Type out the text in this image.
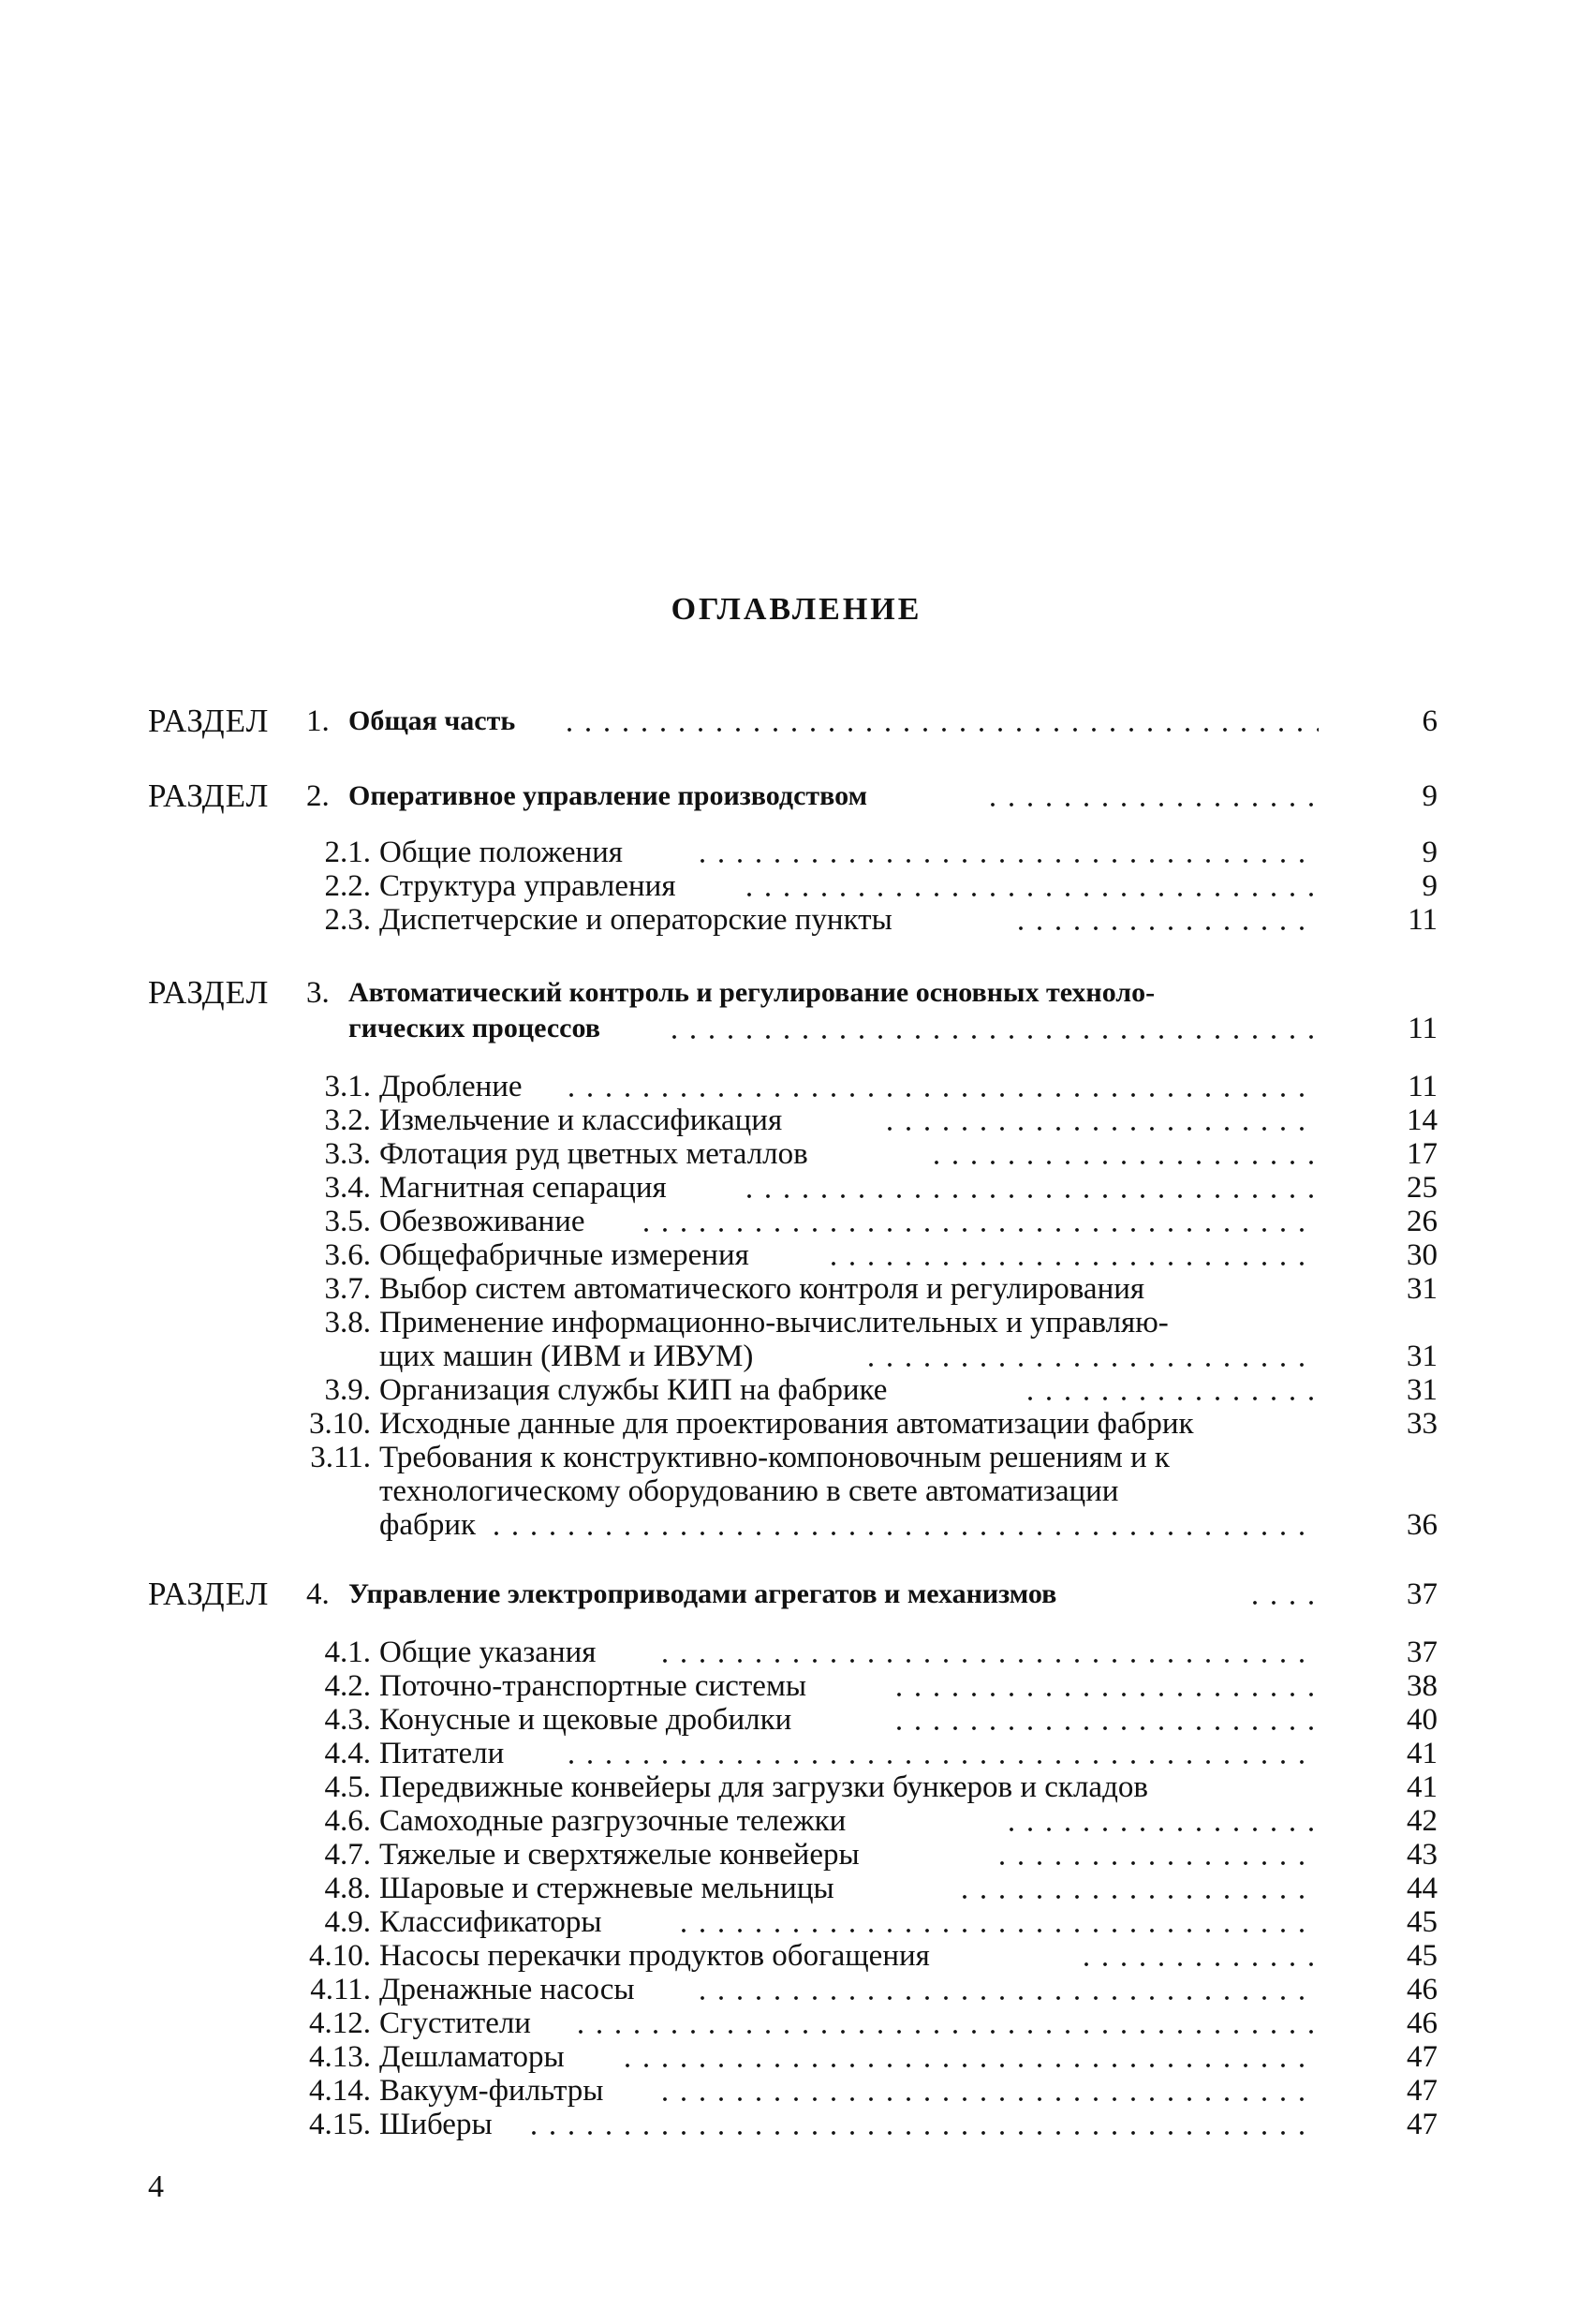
ОГЛАВЛЕНИЕ
РАЗДЕЛ 1. Общая часть	6
РАЗДЕЛ 2. Оперативное управление производством	9
2.1. Общие положения	9
2.2. Структура управления	9
2.3. Диспетчерские и операторские пункты	11
РАЗДЕЛ 3. Автоматический контроль и регулирование основных техноло-
гических процессов	11
3.1. Дробление	11
3.2. Измельчение и классификация	14
3.3. Флотация руд цветных металлов	17
3.4. Магнитная сепарация	25
3.5. Обезвоживание	26
3.6. Общефабричные измерения	30
3.7. Выбор систем автоматического контроля и регулирования	31
3.8. Применение информационно-вычислительных и управляю-
щих машин (ИВМ и ИВУМ)	31
3.9. Организация службы КИП на фабрике	31
3.10. Исходные данные для проектирования автоматизации фабрик	33
3.11. Требования к конструктивно-компоновочным решениям и к
технологическому оборудованию в свете автоматизации
фабрик	36
РАЗДЕЛ 4. Управление электроприводами агрегатов и механизмов	37
4.1. Общие указания	37
4.2. Поточно-транспортные системы	38
4.3. Конусные и щековые дробилки	40
4.4. Питатели	41
4.5. Передвижные конвейеры для загрузки бункеров и складов	41
4.6. Самоходные разгрузочные тележки	42
4.7. Тяжелые и сверхтяжелые конвейеры	43
4.8. Шаровые и стержневые мельницы	44
4.9. Классификаторы	45
4.10. Насосы перекачки продуктов обогащения	45
4.11. Дренажные насосы	46
4.12. Сгустители	46
4.13. Дешламаторы	47
4.14. Вакуум-фильтры	47
4.15. Шиберы	47
4
